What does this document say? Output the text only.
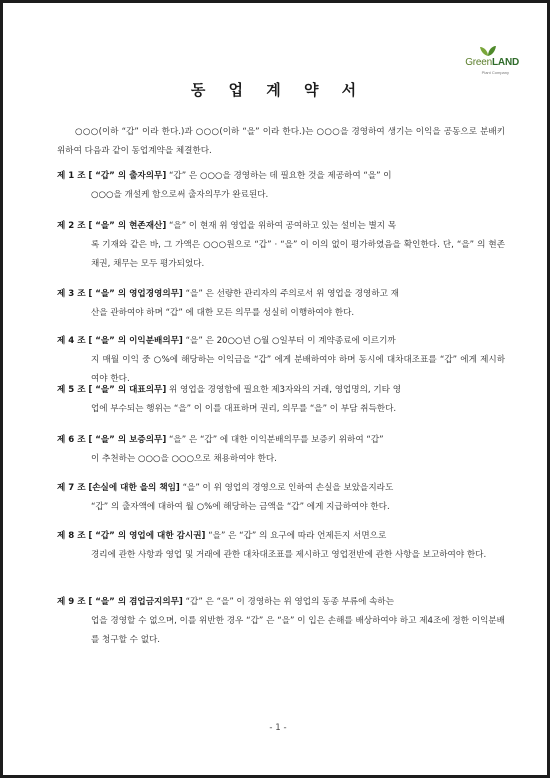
GreenLAND
Plant Company
동 업 계 약 서
○○○(이하 “갑” 이라 한다.)과 ○○○(이하 “을” 이라 한다.)는 ○○○을 경영하여 생기는 이익을 공동으로 분배키 위하여 다음과 같이 동업계약을 체결한다.
제 1 조 [ “갑” 의 출자의무] “갑” 은 ○○○을 경영하는 데 필요한 것을 제공하여 “을” 이
○○○을 개설케 함으로써 출자의무가 완료된다.
제 2 조 [ “을” 의 현존재산] “을” 이 현재 위 영업을 위하여 공여하고 있는 설비는 별지 목
록 기재와 같은 바, 그 가액은 ○○○원으로 “갑” · “을” 이 이의 없이 평가하였음을 확인한다. 단, “을” 의 현존 채권, 채무는 모두 평가되었다.
제 3 조 [ “을” 의 영업경영의무] “을” 은 선량한 관리자의 주의로서 위 영업을 경영하고 재
산을 관하여야 하며 “갑” 에 대한 모든 의무를 성실히 이행하여야 한다.
제 4 조 [ “을” 의 이익분배의무] “을” 은 20○○년 ○월 ○일부터 이 계약종료에 이르기까
지 매월 이익 중 ○%에 해당하는 이익금을 “갑” 에게 분배하여야 하며 동시에 대차대조표를 “갑” 에게 제시하여야 한다.
제 5 조 [ “을” 의 대표의무] 위 영업을 경영함에 필요한 제3자와의 거래, 영업명의, 기타 영
업에 부수되는 행위는 “을” 이 이를 대표하며 권리, 의무를 “을” 이 부담 취득한다.
제 6 조 [ “을” 의 보증의무] “을” 은 “갑” 에 대한 이익분배의무를 보증키 위하여 “갑”
이 추천하는 ○○○을 ○○○으로 채용하여야 한다.
제 7 조 [손실에 대한 을의 책임] “을” 이 위 영업의 경영으로 인하여 손실을 보았을지라도
“갑” 의 출자액에 대하여 월 ○%에 해당하는 금액을 “갑” 에게 지급하여야 한다.
제 8 조 [ “갑” 의 영업에 대한 감시권] “을” 은 “갑” 의 요구에 따라 언제든지 서면으로
경리에 관한 사항과 영업 및 거래에 관한 대차대조표를 제시하고 영업전반에 관한 사항을 보고하여야 한다.
제 9 조 [ “을” 의 겸업금지의무] “갑” 은 “을” 이 경영하는 위 영업의 동종 부류에 속하는
업을 경영할 수 없으며, 이를 위반한 경우 “갑” 은 “을” 이 입은 손해를 배상하여야 하고 제4조에 정한 이익분배를 청구할 수 없다.
- 1 -
